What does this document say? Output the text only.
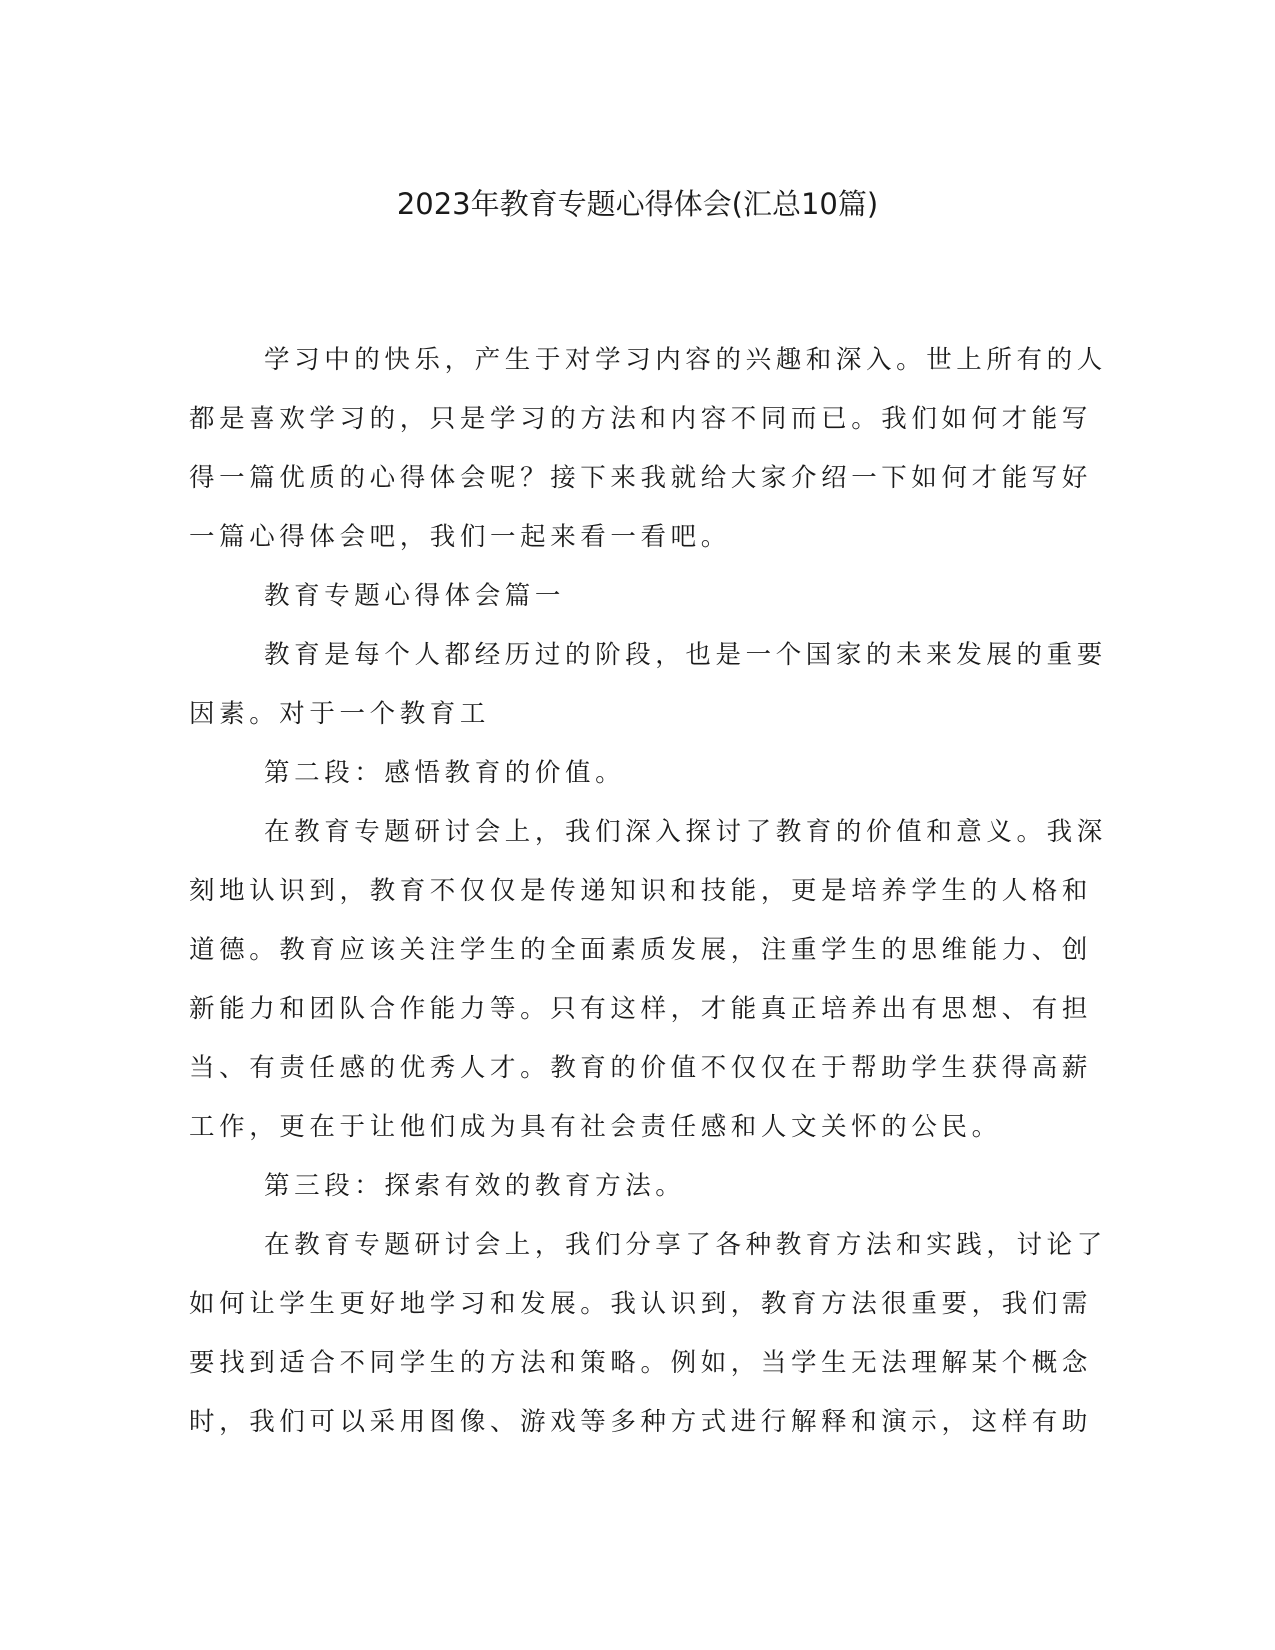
2023年教育专题心得体会(汇总10篇)
学习中的快乐，产生于对学习内容的兴趣和深入。世上所有的人
都是喜欢学习的，只是学习的方法和内容不同而已。我们如何才能写
得一篇优质的心得体会呢？接下来我就给大家介绍一下如何才能写好
一篇心得体会吧，我们一起来看一看吧。
教育专题心得体会篇一
教育是每个人都经历过的阶段，也是一个国家的未来发展的重要
因素。对于一个教育工
第二段：感悟教育的价值。
在教育专题研讨会上，我们深入探讨了教育的价值和意义。我深
刻地认识到，教育不仅仅是传递知识和技能，更是培养学生的人格和
道德。教育应该关注学生的全面素质发展，注重学生的思维能力、创
新能力和团队合作能力等。只有这样，才能真正培养出有思想、有担
当、有责任感的优秀人才。教育的价值不仅仅在于帮助学生获得高薪
工作，更在于让他们成为具有社会责任感和人文关怀的公民。
第三段：探索有效的教育方法。
在教育专题研讨会上，我们分享了各种教育方法和实践，讨论了
如何让学生更好地学习和发展。我认识到，教育方法很重要，我们需
要找到适合不同学生的方法和策略。例如，当学生无法理解某个概念
时，我们可以采用图像、游戏等多种方式进行解释和演示，这样有助
